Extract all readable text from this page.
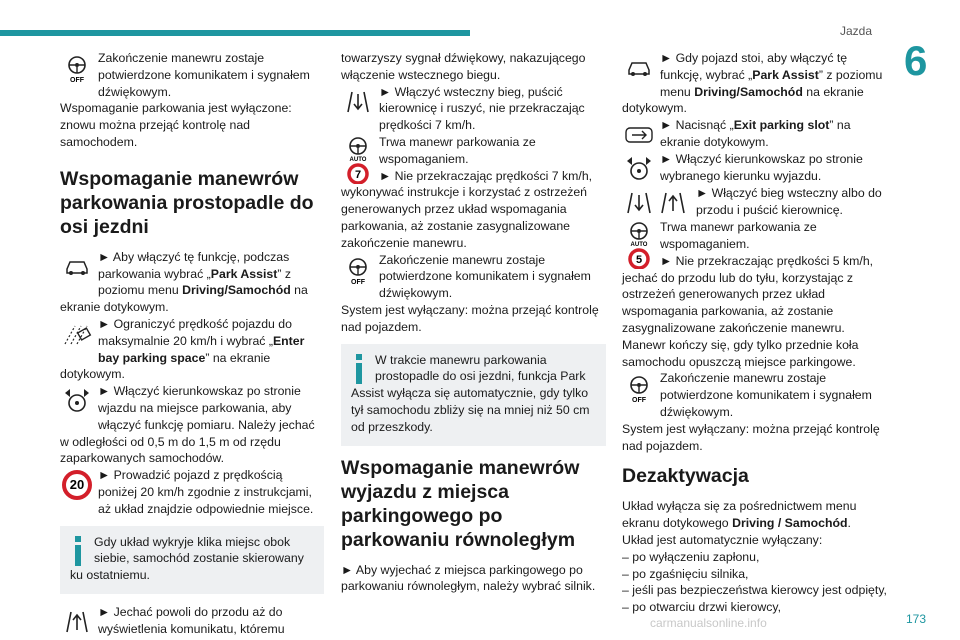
Jazda
6
OFF
Zakończenie manewru zostaje potwierdzone komunikatem i sygnałem dźwiękowym.
Wspomaganie parkowania jest wyłączone: znowu można przejąć kontrolę nad samochodem.
Wspomaganie manewrów parkowania prostopadle do osi jezdni
► Aby włączyć tę funkcję, podczas parkowania wybrać „Park Assist” z poziomu menu Driving/Samochód na ekranie dotykowym.
► Ograniczyć prędkość pojazdu do maksymalnie 20 km/h i wybrać „Enter bay parking space” na ekranie dotykowym.
► Włączyć kierunkowskaz po stronie wjazdu na miejsce parkowania, aby włączyć funkcję pomiaru. Należy jechać w odległości od 0,5 m do 1,5 m od rzędu zaparkowanych samochodów.
20
► Prowadzić pojazd z prędkością poniżej 20 km/h zgodnie z instrukcjami, aż układ znajdzie odpowiednie miejsce.
Gdy układ wykryje klika miejsc obok siebie, samochód zostanie skierowany ku ostatniemu.
► Jechać powoli do przodu aż do wyświetlenia komunikatu, któremu
towarzyszy sygnał dźwiękowy, nakazującego włączenie wstecznego biegu.
► Włączyć wsteczny bieg, puścić kierownicę i ruszyć, nie przekraczając prędkości 7 km/h.
AUTO
7
Trwa manewr parkowania ze wspomaganiem.
► Nie przekraczając prędkości 7 km/h, wykonywać instrukcje i korzystać z ostrzeżeń generowanych przez układ wspomagania parkowania, aż zostanie zasygnalizowane zakończenie manewru.
OFF
Zakończenie manewru zostaje potwierdzone komunikatem i sygnałem dźwiękowym.
System jest wyłączany: można przejąć kontrolę nad pojazdem.
W trakcie manewru parkowania prostopadle do osi jezdni, funkcja Park Assist wyłącza się automatycznie, gdy tylko tył samochodu zbliży się na mniej niż 50 cm od przeszkody.
Wspomaganie manewrów wyjazdu z miejsca parkingowego po parkowaniu równoległym
► Aby wyjechać z miejsca parkingowego po parkowaniu równoległym, należy wybrać silnik.
► Gdy pojazd stoi, aby włączyć tę funkcję, wybrać „Park Assist” z poziomu menu Driving/Samochód na ekranie dotykowym.
► Nacisnąć „Exit parking slot” na ekranie dotykowym.
► Włączyć kierunkowskaz po stronie wybranego kierunku wyjazdu.
► Włączyć bieg wsteczny albo do przodu i puścić kierownicę.
AUTO
5
Trwa manewr parkowania ze wspomaganiem.
► Nie przekraczając prędkości 5 km/h, jechać do przodu lub do tyłu, korzystając z ostrzeżeń generowanych przez układ wspomagania parkowania, aż zostanie zasygnalizowane zakończenie manewru.
Manewr kończy się, gdy tylko przednie koła samochodu opuszczą miejsce parkingowe.
OFF
Zakończenie manewru zostaje potwierdzone komunikatem i sygnałem dźwiękowym.
System jest wyłączany: można przejąć kontrolę nad pojazdem.
Dezaktywacja
Układ wyłącza się za pośrednictwem menu ekranu dotykowego Driving / Samochód.
Układ jest automatycznie wyłączany:
– po wyłączeniu zapłonu,
– po zgaśnięciu silnika,
– jeśli pas bezpieczeństwa kierowcy jest odpięty,
– po otwarciu drzwi kierowcy,
carmanualsonline.info	173
